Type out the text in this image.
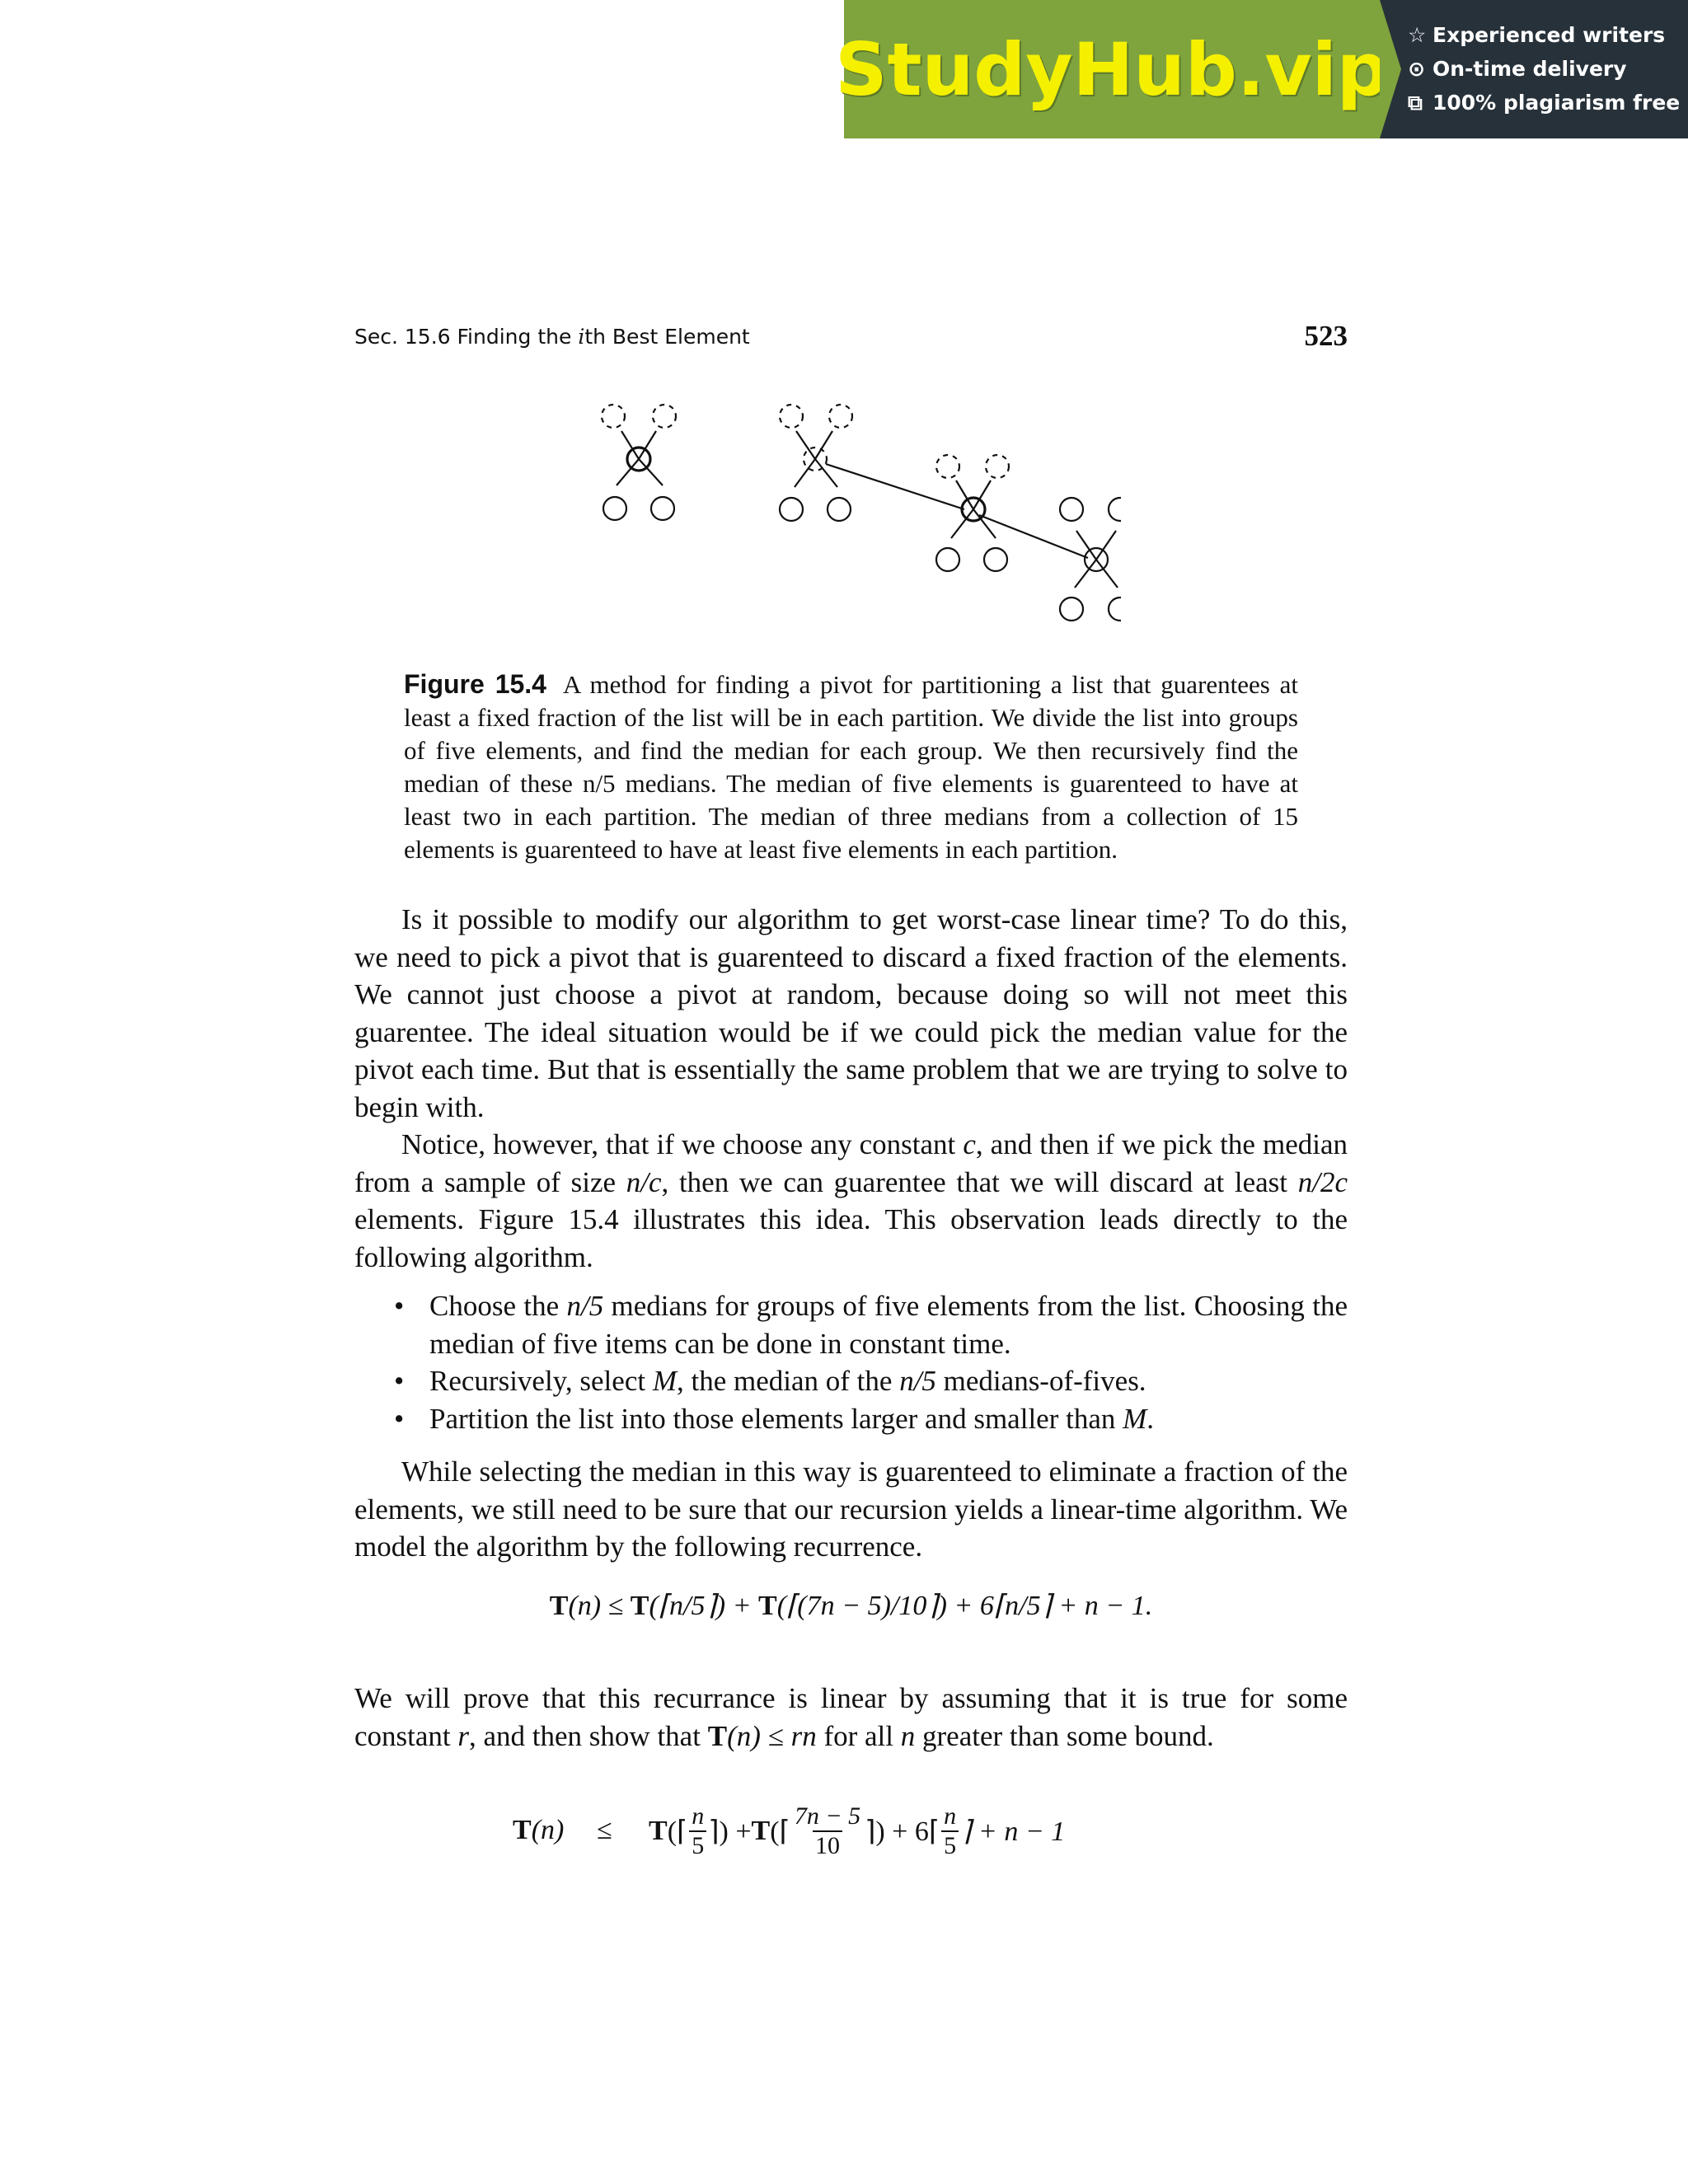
StudyHub.vip ☆ Experienced writers
⊙ On-time delivery
⧉ 100% plagiarism free
Sec. 15.6 Finding the ith Best Element	523
Figure 15.4 A method for finding a pivot for partitioning a list that guarentees at least a fixed fraction of the list will be in each partition. We divide the list into groups of five elements, and find the median for each group. We then recursively find the median of these n/5 medians. The median of five elements is guarenteed to have at least two in each partition. The median of three medians from a collection of 15 elements is guarenteed to have at least five elements in each partition.
Is it possible to modify our algorithm to get worst-case linear time? To do this, we need to pick a pivot that is guarenteed to discard a fixed fraction of the elements. We cannot just choose a pivot at random, because doing so will not meet this guarentee. The ideal situation would be if we could pick the median value for the pivot each time. But that is essentially the same problem that we are trying to solve to begin with.
Notice, however, that if we choose any constant c, and then if we pick the median from a sample of size n/c, then we can guarentee that we will discard at least n/2c elements. Figure 15.4 illustrates this idea. This observation leads directly to the following algorithm.
• Choose the n/5 medians for groups of five elements from the list. Choosing the median of five items can be done in constant time.
• Recursively, select M, the median of the n/5 medians-of-fives.
• Partition the list into those elements larger and smaller than M.
While selecting the median in this way is guarenteed to eliminate a fraction of the elements, we still need to be sure that our recursion yields a linear-time algorithm. We model the algorithm by the following recurrence.
T(n) ≤ T(⌈n/5⌉) + T(⌈(7n − 5)/10⌉) + 6⌈n/5⌉ + n − 1.
We will prove that this recurrance is linear by assuming that it is true for some constant r, and then show that T(n) ≤ rn for all n greater than some bound.
T(n) ≤ T (⌈ $\frac{n}{5}$ ⌉) + T (⌈ $\frac{7n - 5}{10}$ ⌉) + 6⌈ $\frac{n}{5}$ ⌉ + n − 1
